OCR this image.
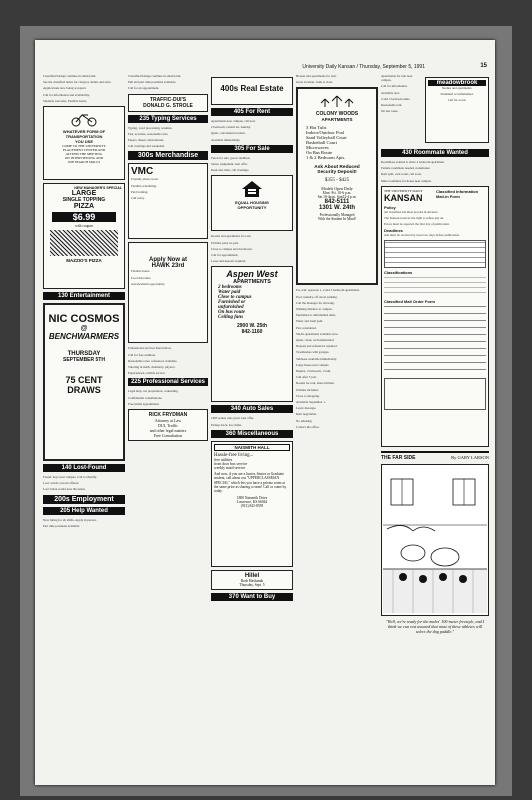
University Daily Kansan / Thursday, September 5, 1991	15

Classified listings continue in small print.

See the classified index for category details and rates.

Applications now being accepted.

Call for information and availability.

Students welcome. Flexible hours.

WHATEVER FORM OF
TRANSPORTATION
YOU USE
COME TO THE UNIVERSITY
PLACEMENT CENTER AND
ATTEND THE MEETING
ON INTERVIEWING AND
JOB SEARCH SKILLS
NEW MANAGER'S SPECIAL
LARGE
SINGLE TOPPING
PIZZA
$6.99
with coupon
MAZZIO'S PIZZA
130 Entertainment
NIC COSMOS
@
BENCHWARMERS
THURSDAY
SEPTEMBER 5TH
75 CENT
DRAWS
140 Lost-Found

Found: keys near campus. Call to identify.

Lost: watch, reward offered.

Lost: black wallet near the union.

200s Employment
205 Help Wanted

Now hiring for all shifts. Apply in person.

Part time positions available.

Classified listings continue in small print.

Full and part time positions available.

Call for an appointment.

TRAFFIC-DUI'S
DONALD G. STROLE
235 Typing Services

Typing, word processing, resumes.

Fast, accurate, reasonable rates.

Papers, theses, dissertations.

Call evenings and weekends.

300s Merchandise
VMC

Friendly phone work.

Flexible scheduling.

Paid training.

Call today.

Apply Now at
HAWK 23rd

Flexible hours.

Food discounts.

Advancement opportunity.

Professional services listed below.

Call for free estimate.

Reasonable rates, references available.

Tutoring in math, chemistry, physics.

Experienced, reliable service.

225 Professional Services

Legal help, tax preparation, counseling.

Confidential consultations.

Free initial appointment.

RICK FRYDMAN
Attorney at Law
DUI, Traffic
and other legal matters
Free Consultation
400s Real Estate
405 For Rent

Apartments near campus, call now.

2 bedroom, central air, laundry.

Quiet, convenient location.

Available immediately.

305 For Sale

Futon for sale, good condition.

Stereo equipment, best offer.

Desk and chair, call evenings.

EQUAL HOUSING
OPPORTUNITY

Rooms and apartments for rent.

Utilities paid, no pets.

Close to campus and downtown.

Call for appointment.

Lease and deposit required.

Aspen West
APARTMENTS
2 bedrooms
Water paid
Close to campus
Furnished or
unfurnished
On bus route
Ceiling fans
2900 W. 25th
842-1160
340 Auto Sales

1985 sedan, runs great, best offer.

Pickup truck, low miles.

360 Miscellaneous
NAISMITH HALL
Hassle-free living...
free utilities
front door bus service
weekly maid service
And now, if you are a Junior, Senior or Graduate student, call about our "UPPERCLASSMAN SPECIAL" which lets you have a private room at the same price as sharing a room! Call or come by today.
1800 Naismith Drive
Lawrence, KS 66044
(913) 843-8559
Hillel
Rosh Hashanah
Thursday, Sept. 5
370 Want to Buy

Houses and apartments for rent.

Great location, walk to class.

COLONY WOODS
APARTMENTS
3 Hot Tubs
Indoor/Outdoor Pool
Sand Volleyball Court
Basketball Court
Microwaves
On Bus Route
1 & 2 Bedroom Apts.
Ask About Reduced
Security Deposit!
$355 - $425
Models Open Daily
Mon.-Fri. 10-6 p.m.
Sat.10-4p.m. Sun12-4 p.m.
842-5111
1301 W. 24th
Professionally Managed
With the Student In Mind!

For rent: spacious 1, 2 and 3 bedroom apartments.

Pool, laundry, off-street parking.

Call the manager for showing.

Walking distance to campus.

Furnished or unfurnished units.

Water and trash paid.

Pets considered.

Studio apartments available now.

Quiet, clean, well maintained.

Deposit and references required.

Townhomes with garages.

Sublease available immediately.

Large house near campus.

Duplex, 2 bedroom, 1 bath.

Call after 5 p.m.

Rooms for rent, share kitchen.

Utilities included.

Close to shopping.

Available September 1.

Leave message.

Rent negotiable.

No smoking.

Contact the office.

Apartments for rent near campus.

Call for information.

Available now.

2 and 3 bedroom units.

Reasonable rent.

On bus route.

meadowbrook

Studios and apartments.

Furnished or unfurnished.

Call for a tour.

430 Roommate Wanted

Roommate wanted to share 2 bedroom apartment.

Female roommate needed, nonsmoker.

Rent split, own room, call soon.

Male roommate for house near campus.

THE UNIVERSITY DAILY
KANSAN
Classified Information
Mail-in Form
Policy

All classified ads must be paid in advance.

The Kansan reserves the right to refuse any ad.

Errors must be reported the first day of publication.

Deadlines

Ads must be received by noon two days before publication.

Classifications
Classified Mail Order Form
THE FAR SIDE	By GARY LARSON
"Well, we're ready for the males' 100-meter freestyle, and I think we can rest assured that most of these athletes will select the dog paddle."
